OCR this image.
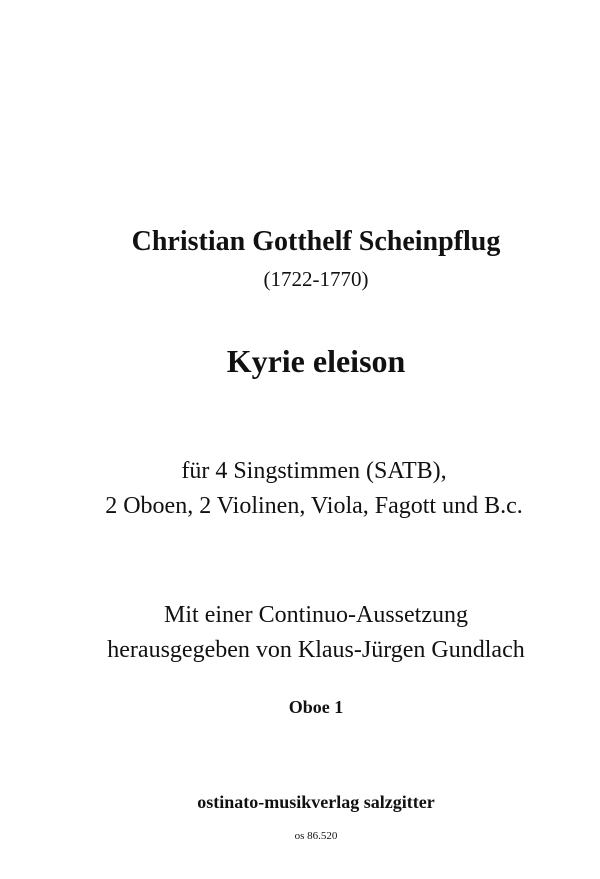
Christian Gotthelf Scheinpflug
(1722-1770)
Kyrie eleison
für 4 Singstimmen (SATB),
2 Oboen, 2 Violinen, Viola, Fagott und B.c.
Mit einer Continuo-Aussetzung
herausgegeben von Klaus-Jürgen Gundlach
Oboe 1
ostinato-musikverlag salzgitter
os 86.520
